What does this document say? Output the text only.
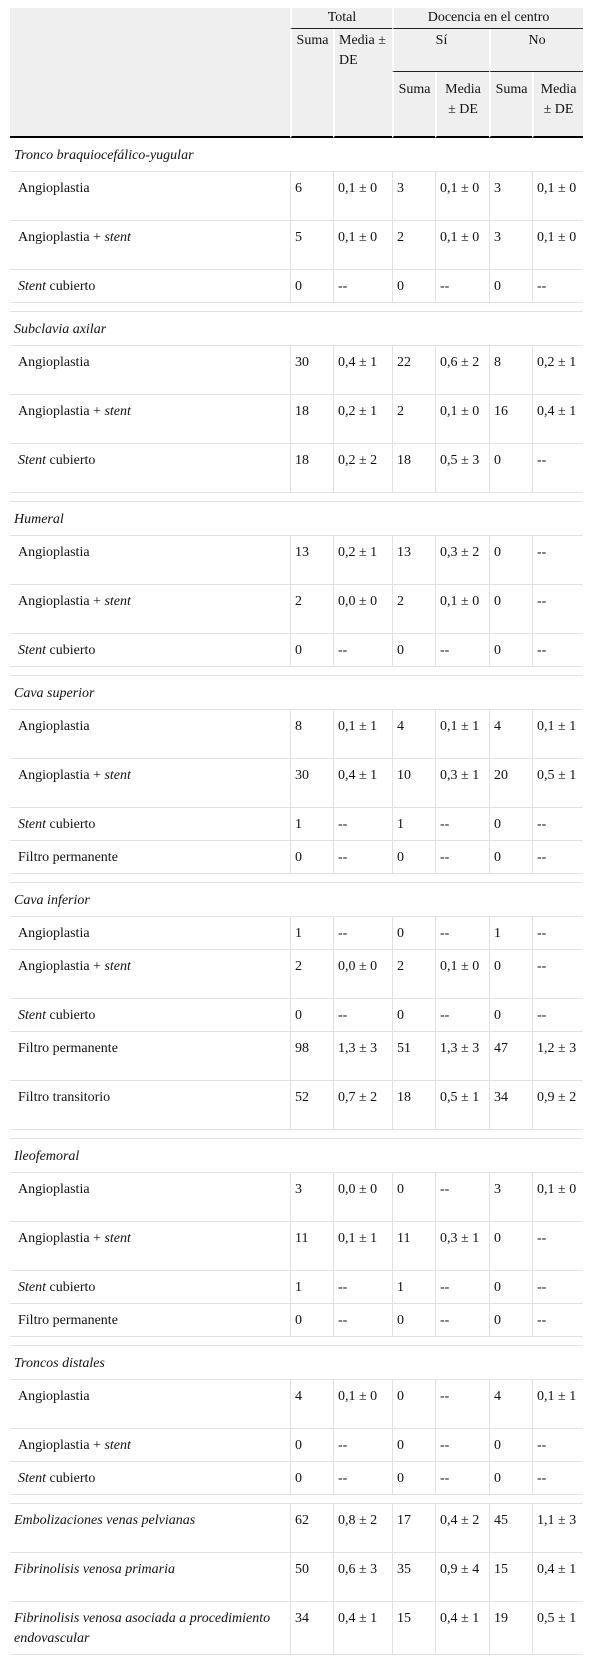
	Total		Docencia en el centro			
	Suma	Media ± DE	Sí		No	
			Suma	Media ± DE	Suma	Media ± DE
Tronco braquiocefálico-yugular						
Angioplastia	6	0,1 ± 0	3	0,1 ± 0	3	0,1 ± 0
Angioplastia + stent	5	0,1 ± 0	2	0,1 ± 0	3	0,1 ± 0
Stent cubierto	0	--	0	--	0	--

Subclavia axilar						
Angioplastia	30	0,4 ± 1	22	0,6 ± 2	8	0,2 ± 1
Angioplastia + stent	18	0,2 ± 1	2	0,1 ± 0	16	0,4 ± 1
Stent cubierto	18	0,2 ± 2	18	0,5 ± 3	0	--

Humeral						
Angioplastia	13	0,2 ± 1	13	0,3 ± 2	0	--
Angioplastia + stent	2	0,0 ± 0	2	0,1 ± 0	0	--
Stent cubierto	0	--	0	--	0	--

Cava superior						
Angioplastia	8	0,1 ± 1	4	0,1 ± 1	4	0,1 ± 1
Angioplastia + stent	30	0,4 ± 1	10	0,3 ± 1	20	0,5 ± 1
Stent cubierto	1	--	1	--	0	--
Filtro permanente	0	--	0	--	0	--

Cava inferior						
Angioplastia	1	--	0	--	1	--
Angioplastia + stent	2	0,0 ± 0	2	0,1 ± 0	0	--
Stent cubierto	0	--	0	--	0	--
Filtro permanente	98	1,3 ± 3	51	1,3 ± 3	47	1,2 ± 3
Filtro transitorio	52	0,7 ± 2	18	0,5 ± 1	34	0,9 ± 2

Ileofemoral						
Angioplastia	3	0,0 ± 0	0	--	3	0,1 ± 0
Angioplastia + stent	11	0,1 ± 1	11	0,3 ± 1	0	--
Stent cubierto	1	--	1	--	0	--
Filtro permanente	0	--	0	--	0	--

Troncos distales						
Angioplastia	4	0,1 ± 0	0	--	4	0,1 ± 1
Angioplastia + stent	0	--	0	--	0	--
Stent cubierto	0	--	0	--	0	--

Embolizaciones venas pelvianas	62	0,8 ± 2	17	0,4 ± 2	45	1,1 ± 3
Fibrinolisis venosa primaria	50	0,6 ± 3	35	0,9 ± 4	15	0,4 ± 1
Fibrinolisis venosa asociada a procedimiento endovascular	34	0,4 ± 1	15	0,4 ± 1	19	0,5 ± 1
